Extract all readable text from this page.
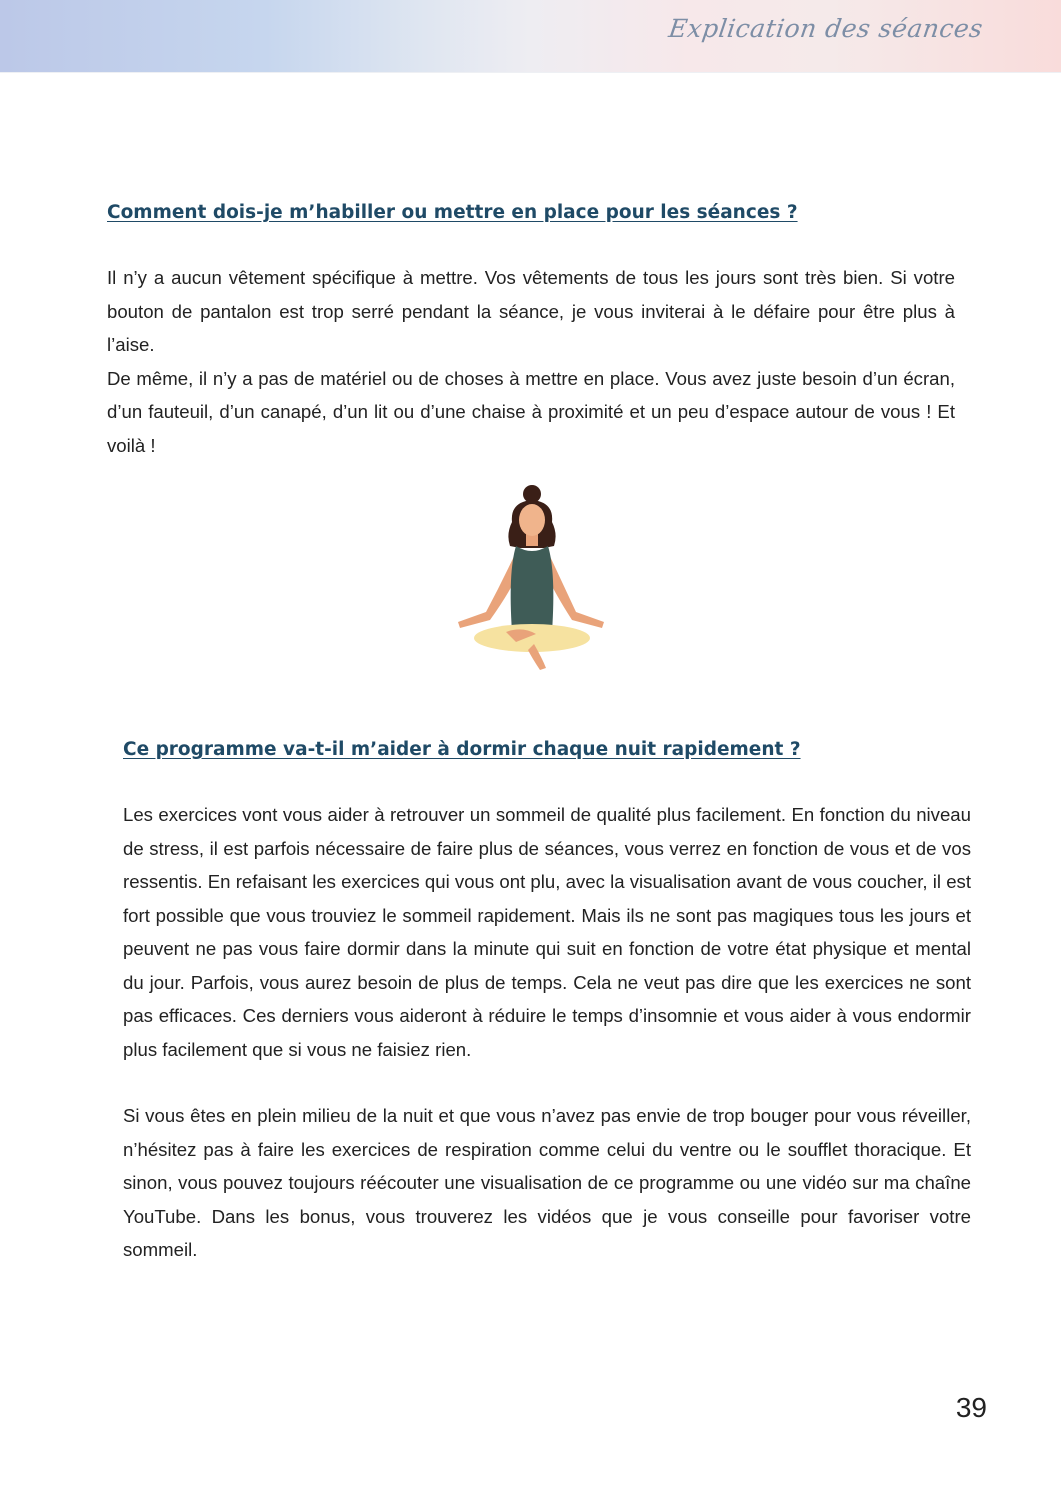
Explication des séances
Comment dois-je m’habiller ou mettre en place pour les séances ?

Il n’y a aucun vêtement spécifique à mettre. Vos vêtements de tous les jours sont très bien. Si votre bouton de pantalon est trop serré pendant la séance, je vous inviterai à le défaire pour être plus à l’aise.

De même, il n’y a pas de matériel ou de choses à mettre en place. Vous avez juste besoin d’un écran, d’un fauteuil, d’un canapé, d’un lit ou d’une chaise à proximité et un peu d’espace autour de vous ! Et voilà !

Ce programme va-t-il m’aider à dormir chaque nuit rapidement ?

Les exercices vont vous aider à retrouver un sommeil de qualité plus facilement. En fonction du niveau de stress, il est parfois nécessaire de faire plus de séances, vous verrez en fonction de vous et de vos ressentis. En refaisant les exercices qui vous ont plu, avec la visualisation avant de vous coucher, il est fort possible que vous trouviez le sommeil rapidement. Mais ils ne sont pas magiques tous les jours et peuvent ne pas vous faire dormir dans la minute qui suit en fonction de votre état physique et mental du jour. Parfois, vous aurez besoin de plus de temps. Cela ne veut pas dire que les exercices ne sont pas efficaces. Ces derniers vous aideront à réduire le temps d’insomnie et vous aider à vous endormir plus facilement que si vous ne faisiez rien.

Si vous êtes en plein milieu de la nuit et que vous n’avez pas envie de trop bouger pour vous réveiller, n’hésitez pas à faire les exercices de respiration comme celui du ventre ou le soufflet thoracique. Et sinon, vous pouvez toujours réécouter une visualisation de ce programme ou une vidéo sur ma chaîne YouTube. Dans les bonus, vous trouverez les vidéos que je vous conseille pour favoriser votre sommeil.

39
